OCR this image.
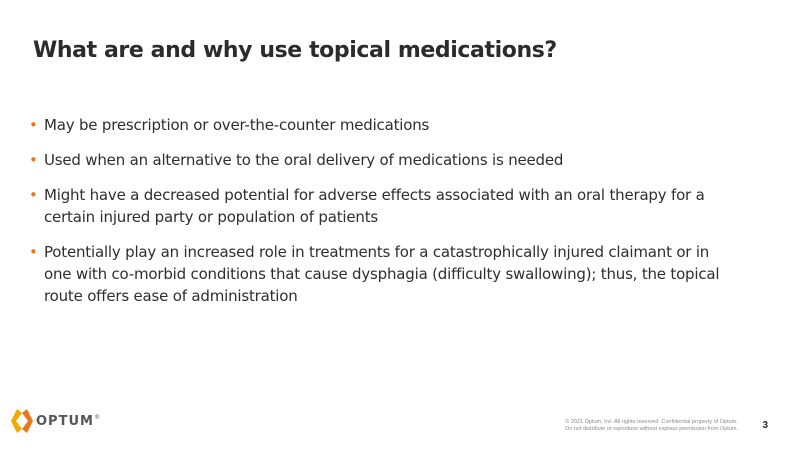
What are and why use topical medications?
• May be prescription or over-the-counter medications
• Used when an alternative to the oral delivery of medications is needed
• Might have a decreased potential for adverse effects associated with an oral therapy for a certain injured party or population of patients
• Potentially play an increased role in treatments for a catastrophically injured claimant or in one with co-morbid conditions that cause dysphagia (difficulty swallowing); thus, the topical route offers ease of administration
OPTUM ®
© 2021 Optum, Inc. All rights reserved. Confidential property of Optum.
Do not distribute or reproduce without express permission from Optum. 3
